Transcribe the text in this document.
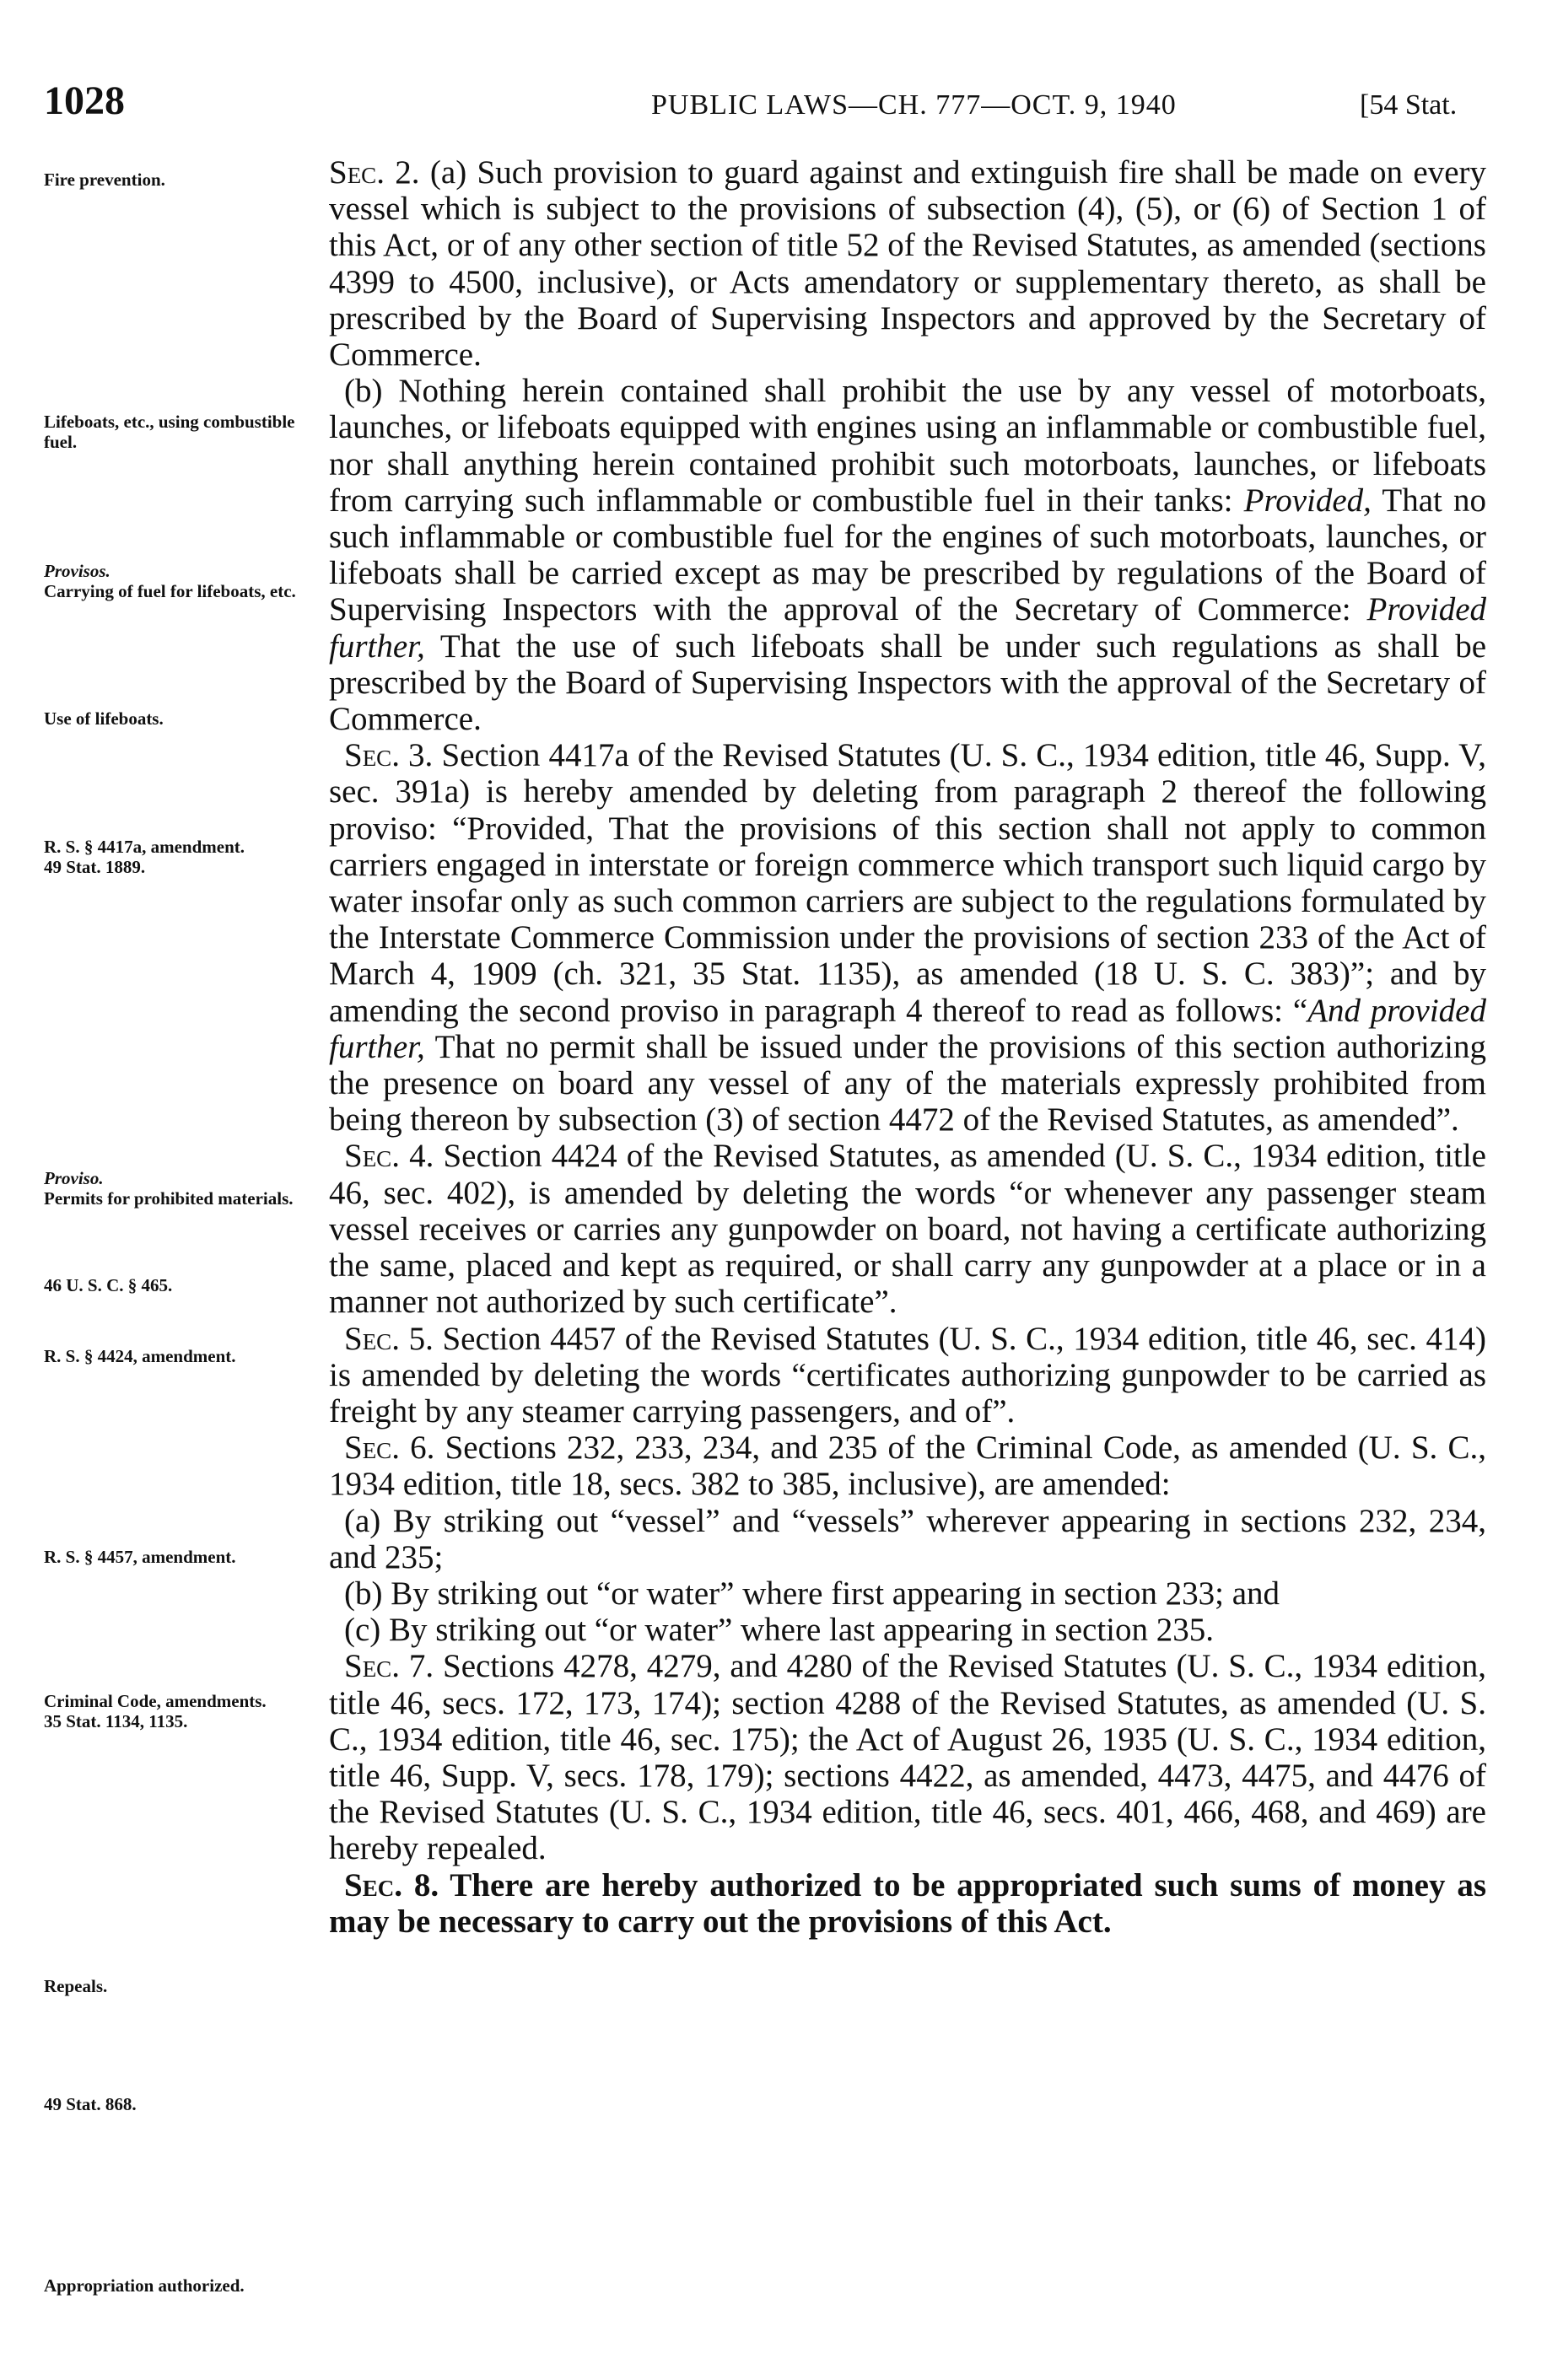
1028	PUBLIC LAWS—CH. 777—OCT. 9, 1940	[54 Stat.
Fire prevention.
Lifeboats, etc., using combustible fuel.
Provisos.
Carrying of fuel for lifeboats, etc.
Use of lifeboats.
R. S. § 4417a, amendment.
49 Stat. 1889.
Proviso.
Permits for prohibited materials.
46 U. S. C. § 465.
R. S. § 4424, amendment.
R. S. § 4457, amendment.
Criminal Code, amendments.
35 Stat. 1134, 1135.
Repeals.
49 Stat. 868.
Appropriation authorized.

Sec. 2. (a) Such provision to guard against and extinguish fire shall be made on every vessel which is subject to the provisions of subsection (4), (5), or (6) of Section 1 of this Act, or of any other section of title 52 of the Revised Statutes, as amended (sections 4399 to 4500, inclusive), or Acts amendatory or supplementary thereto, as shall be prescribed by the Board of Supervising Inspectors and approved by the Secretary of Commerce.

(b) Nothing herein contained shall prohibit the use by any vessel of motorboats, launches, or lifeboats equipped with engines using an inflammable or combustible fuel, nor shall anything herein contained prohibit such motorboats, launches, or lifeboats from carrying such inflammable or combustible fuel in their tanks: Provided, That no such inflammable or combustible fuel for the engines of such motorboats, launches, or lifeboats shall be carried except as may be prescribed by regulations of the Board of Supervising Inspectors with the approval of the Secretary of Commerce: Provided further, That the use of such lifeboats shall be under such regulations as shall be prescribed by the Board of Supervising Inspectors with the approval of the Secretary of Commerce.

Sec. 3. Section 4417a of the Revised Statutes (U. S. C., 1934 edition, title 46, Supp. V, sec. 391a) is hereby amended by deleting from paragraph 2 thereof the following proviso: “Provided, That the provisions of this section shall not apply to common carriers engaged in interstate or foreign commerce which transport such liquid cargo by water insofar only as such common carriers are subject to the regulations formulated by the Interstate Commerce Commission under the provisions of section 233 of the Act of March 4, 1909 (ch. 321, 35 Stat. 1135), as amended (18 U. S. C. 383)”; and by amending the second proviso in paragraph 4 thereof to read as follows: “And provided further, That no permit shall be issued under the provisions of this section authorizing the presence on board any vessel of any of the materials expressly prohibited from being thereon by subsection (3) of section 4472 of the Revised Statutes, as amended”.

Sec. 4. Section 4424 of the Revised Statutes, as amended (U. S. C., 1934 edition, title 46, sec. 402), is amended by deleting the words “or whenever any passenger steam vessel receives or carries any gunpowder on board, not having a certificate authorizing the same, placed and kept as required, or shall carry any gunpowder at a place or in a manner not authorized by such certificate”.

Sec. 5. Section 4457 of the Revised Statutes (U. S. C., 1934 edition, title 46, sec. 414) is amended by deleting the words “certificates authorizing gunpowder to be carried as freight by any steamer carrying passengers, and of”.

Sec. 6. Sections 232, 233, 234, and 235 of the Criminal Code, as amended (U. S. C., 1934 edition, title 18, secs. 382 to 385, inclusive), are amended:

(a) By striking out “vessel” and “vessels” wherever appearing in sections 232, 234, and 235;

(b) By striking out “or water” where first appearing in section 233; and

(c) By striking out “or water” where last appearing in section 235.

Sec. 7. Sections 4278, 4279, and 4280 of the Revised Statutes (U. S. C., 1934 edition, title 46, secs. 172, 173, 174); section 4288 of the Revised Statutes, as amended (U. S. C., 1934 edition, title 46, sec. 175); the Act of August 26, 1935 (U. S. C., 1934 edition, title 46, Supp. V, secs. 178, 179); sections 4422, as amended, 4473, 4475, and 4476 of the Revised Statutes (U. S. C., 1934 edition, title 46, secs. 401, 466, 468, and 469) are hereby repealed.

Sec. 8. There are hereby authorized to be appropriated such sums of money as may be necessary to carry out the provisions of this Act.
